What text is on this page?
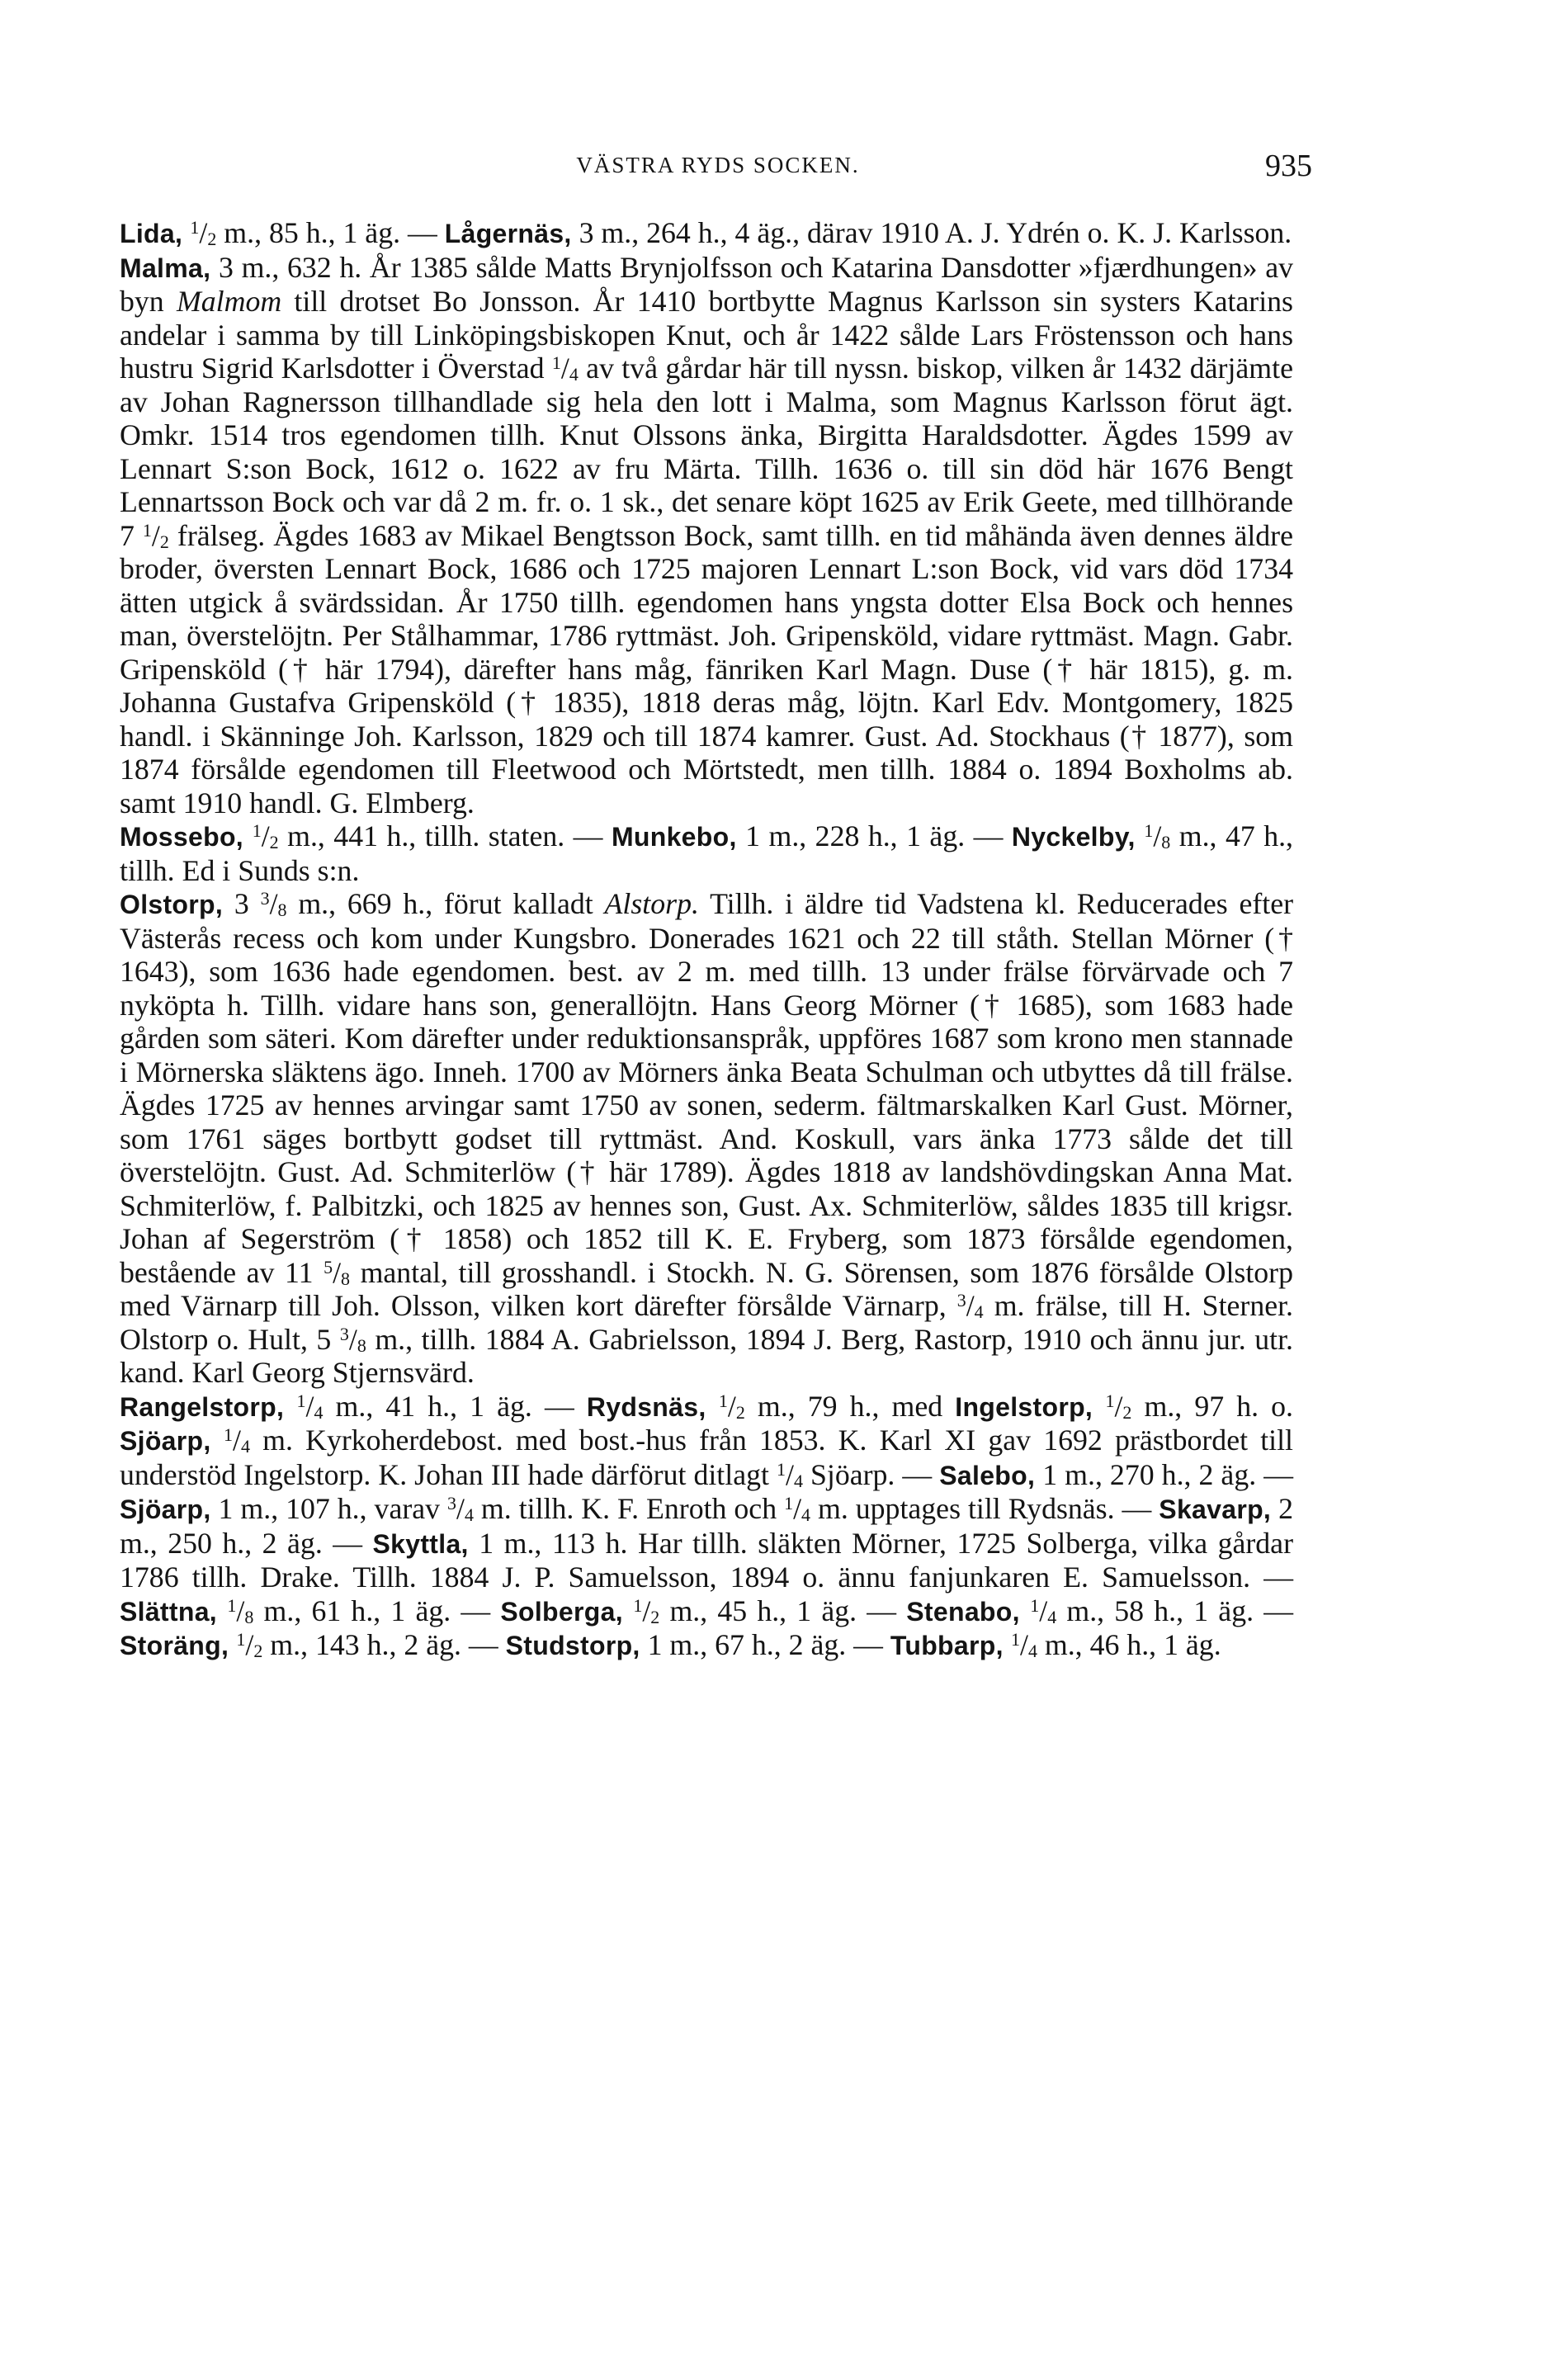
VÄSTRA RYDS SOCKEN.	935

Lida, $^1/_2$ m., 85 h., 1 äg. — Lågernäs, 3 m., 264 h., 4 äg., därav 1910 A. J. Ydrén o. K. J. Karlsson.

Malma, 3 m., 632 h. År 1385 sålde Matts Brynjolfsson och Katarina Dansdotter »fjærdhungen» av byn Malmom till drotset Bo Jonsson. År 1410 bortbytte Magnus Karlsson sin systers Katarins andelar i samma by till Linköpingsbiskopen Knut, och år 1422 sålde Lars Fröstensson och hans hustru Sigrid Karlsdotter i Överstad $^1/_4$ av två gårdar här till nyssn. biskop, vilken år 1432 därjämte av Johan Ragnersson tillhandlade sig hela den lott i Malma, som Magnus Karlsson förut ägt. Omkr. 1514 tros egendomen tillh. Knut Olssons änka, Birgitta Haraldsdotter. Ägdes 1599 av Lennart S:son Bock, 1612 o. 1622 av fru Märta. Tillh. 1636 o. till sin död här 1676 Bengt Lennartsson Bock och var då 2 m. fr. o. 1 sk., det senare köpt 1625 av Erik Geete, med tillhörande 7 $^1/_2$ frälseg. Ägdes 1683 av Mikael Bengtsson Bock, samt tillh. en tid måhända även dennes äldre broder, översten Lennart Bock, 1686 och 1725 majoren Lennart L:son Bock, vid vars död 1734 ätten utgick å svärdssidan. År 1750 tillh. egendomen hans yngsta dotter Elsa Bock och hennes man, överstelöjtn. Per Stålhammar, 1786 ryttmäst. Joh. Gripensköld, vidare ryttmäst. Magn. Gabr. Gripensköld († här 1794), därefter hans måg, fänriken Karl Magn. Duse († här 1815), g. m. Johanna Gustafva Gripensköld († 1835), 1818 deras måg, löjtn. Karl Edv. Montgomery, 1825 handl. i Skänninge Joh. Karlsson, 1829 och till 1874 kamrer. Gust. Ad. Stockhaus († 1877), som 1874 försålde egendomen till Fleetwood och Mörtstedt, men tillh. 1884 o. 1894 Boxholms ab. samt 1910 handl. G. Elmberg.

Mossebo, $^1/_2$ m., 441 h., tillh. staten. — Munkebo, 1 m., 228 h., 1 äg. — Nyckelby, $^1/_8$ m., 47 h., tillh. Ed i Sunds s:n.

Olstorp, 3 $^3/_8$ m., 669 h., förut kalladt Alstorp. Tillh. i äldre tid Vadstena kl. Reducerades efter Västerås recess och kom under Kungsbro. Donerades 1621 och 22 till ståth. Stellan Mörner († 1643), som 1636 hade egendomen. best. av 2 m. med tillh. 13 under frälse förvärvade och 7 nyköpta h. Tillh. vidare hans son, generallöjtn. Hans Georg Mörner († 1685), som 1683 hade gården som säteri. Kom därefter under reduktionsanspråk, uppföres 1687 som krono men stannade i Mörnerska släktens ägo. Inneh. 1700 av Mörners änka Beata Schulman och utbyttes då till frälse. Ägdes 1725 av hennes arvingar samt 1750 av sonen, sederm. fältmarskalken Karl Gust. Mörner, som 1761 säges bortbytt godset till ryttmäst. And. Koskull, vars änka 1773 sålde det till överstelöjtn. Gust. Ad. Schmiterlöw († här 1789). Ägdes 1818 av landshövdingskan Anna Mat. Schmiterlöw, f. Palbitzki, och 1825 av hennes son, Gust. Ax. Schmiterlöw, såldes 1835 till krigsr. Johan af Segerström († 1858) och 1852 till K. E. Fryberg, som 1873 försålde egendomen, bestående av 11 $^5/_8$ mantal, till grosshandl. i Stockh. N. G. Sörensen, som 1876 försålde Olstorp med Värnarp till Joh. Olsson, vilken kort därefter försålde Värnarp, $^3/_4$ m. frälse, till H. Sterner. Olstorp o. Hult, 5 $^3/_8$ m., tillh. 1884 A. Gabrielsson, 1894 J. Berg, Rastorp, 1910 och ännu jur. utr. kand. Karl Georg Stjernsvärd.

Rangelstorp, $^1/_4$ m., 41 h., 1 äg. — Rydsnäs, $^1/_2$ m., 79 h., med Ingelstorp, $^1/_2$ m., 97 h. o. Sjöarp, $^1/_4$ m. Kyrkoherdebost. med bost.-hus från 1853. K. Karl XI gav 1692 prästbordet till understöd Ingelstorp. K. Johan III hade därförut ditlagt $^1/_4$ Sjöarp. — Salebo, 1 m., 270 h., 2 äg. — Sjöarp, 1 m., 107 h., varav $^3/_4$ m. tillh. K. F. Enroth och $^1/_4$ m. upptages till Rydsnäs. — Skavarp, 2 m., 250 h., 2 äg. — Skyttla, 1 m., 113 h. Har tillh. släkten Mörner, 1725 Solberga, vilka gårdar 1786 tillh. Drake. Tillh. 1884 J. P. Samuelsson, 1894 o. ännu fanjunkaren E. Samuelsson. — Slättna, $^1/_8$ m., 61 h., 1 äg. — Solberga, $^1/_2$ m., 45 h., 1 äg. — Stenabo, $^1/_4$ m., 58 h., 1 äg. — Storäng, $^1/_2$ m., 143 h., 2 äg. — Studstorp, 1 m., 67 h., 2 äg. — Tubbarp, $^1/_4$ m., 46 h., 1 äg.
